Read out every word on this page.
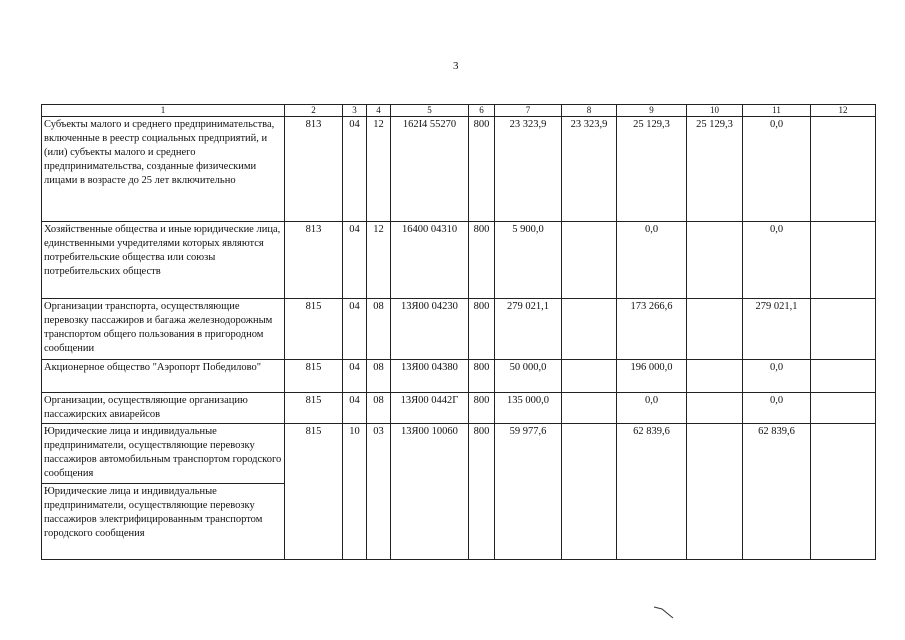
3
1	2	3	4	5	6	7	8	9	10	11	12
Субъекты малого и среднего предпринимательства, включенные в реестр социальных предприятий, и (или) субъекты малого и среднего предпринимательства, созданные физическими лицами в возрасте до 25 лет включительно	813	04	12	162I4 55270	800	23 323,9	23 323,9	25 129,3	25 129,3	0,0	
Хозяйственные общества и иные юридические лица, единственными учредителями которых являются потребительские общества или союзы потребительских обществ	813	04	12	16400 04310	800	5 900,0		0,0		0,0	
Организации транспорта, осуществляющие перевозку пассажиров и багажа железнодорожным транспортом общего пользования в пригородном сообщении	815	04	08	13Я00 04230	800	279 021,1		173 266,6		279 021,1	
Акционерное общество "Аэропорт Победилово"	815	04	08	13Я00 04380	800	50 000,0		196 000,0		0,0	
Организации, осуществляющие организацию пассажирских авиарейсов	815	04	08	13Я00 0442Г	800	135 000,0		0,0		0,0	
Юридические лица и индивидуальные предприниматели, осуществляющие перевозку пассажиров автомобильным транспортом городского сообщения	815	10	03	13Я00 10060	800	59 977,6		62 839,6		62 839,6	
Юридические лица и индивидуальные предприниматели, осуществляющие перевозку пассажиров электрифицированным транспортом городского сообщения											
